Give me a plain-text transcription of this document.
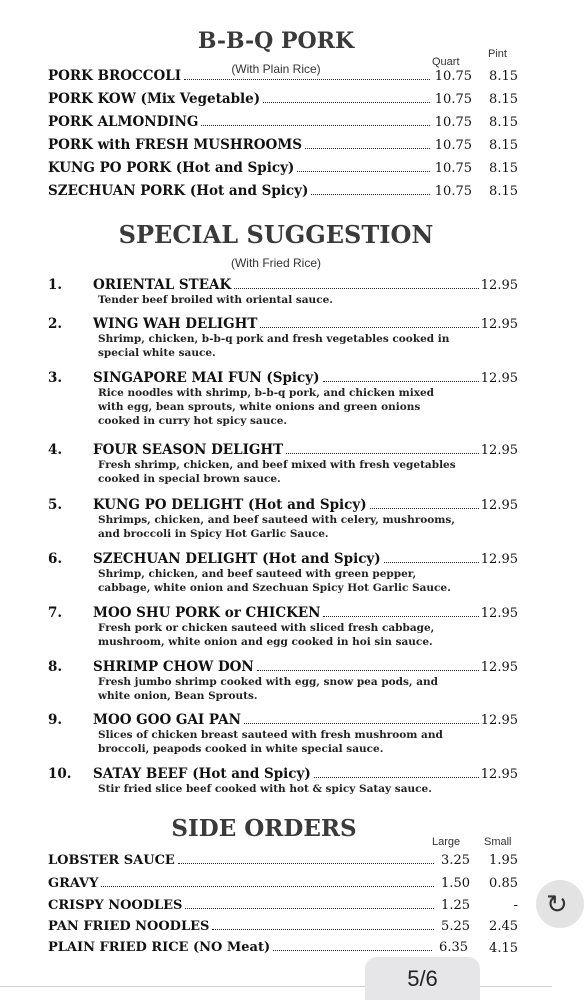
B-B-Q PORK
(With Plain Rice)	Quart
Pint
PORK BROCCOLI	10.75	8.15
PORK KOW (Mix Vegetable)	10.75	8.15
PORK ALMONDING	10.75	8.15
PORK with FRESH MUSHROOMS	10.75	8.15
KUNG PO PORK (Hot and Spicy)	10.75	8.15
SZECHUAN PORK (Hot and Spicy)	10.75	8.15
SPECIAL SUGGESTION
(With Fried Rice)
1.	ORIENTAL STEAK	12.95
Tender beef broiled with oriental sauce.
2.	WING WAH DELIGHT	12.95
Shrimp, chicken, b-b-q pork and fresh vegetables cooked in special white sauce.
3.	SINGAPORE MAI FUN (Spicy)	12.95
Rice noodles with shrimp, b-b-q pork, and chicken mixed with egg, bean sprouts, white onions and green onions cooked in curry hot spicy sauce.
4.	FOUR SEASON DELIGHT	12.95
Fresh shrimp, chicken, and beef mixed with fresh vegetables cooked in special brown sauce.
5.	KUNG PO DELIGHT (Hot and Spicy)	12.95
Shrimps, chicken, and beef sauteed with celery, mushrooms, and broccoli in Spicy Hot Garlic Sauce.
6.	SZECHUAN DELIGHT (Hot and Spicy)	12.95
Shrimp, chicken, and beef sauteed with green pepper, cabbage, white onion and Szechuan Spicy Hot Garlic Sauce.
7.	MOO SHU PORK or CHICKEN	12.95
Fresh pork or chicken sauteed with sliced fresh cabbage, mushroom, white onion and egg cooked in hoi sin sauce.
8.	SHRIMP CHOW DON	12.95
Fresh jumbo shrimp cooked with egg, snow pea pods, and white onion, Bean Sprouts.
9.	MOO GOO GAI PAN	12.95
Slices of chicken breast sauteed with fresh mushroom and broccoli, peapods cooked in white special sauce.
10.	SATAY BEEF (Hot and Spicy)	12.95
Stir fried slice beef cooked with hot & spicy Satay sauce.
SIDE ORDERS	Large Small
LOBSTER SAUCE	3.25	1.95
GRAVY	1.50	0.85
CRISPY NOODLES	1.25	-
PAN FRIED NOODLES	5.25	2.45
PLAIN FRIED RICE (NO Meat)	6.35	4.15
↻
5/6
